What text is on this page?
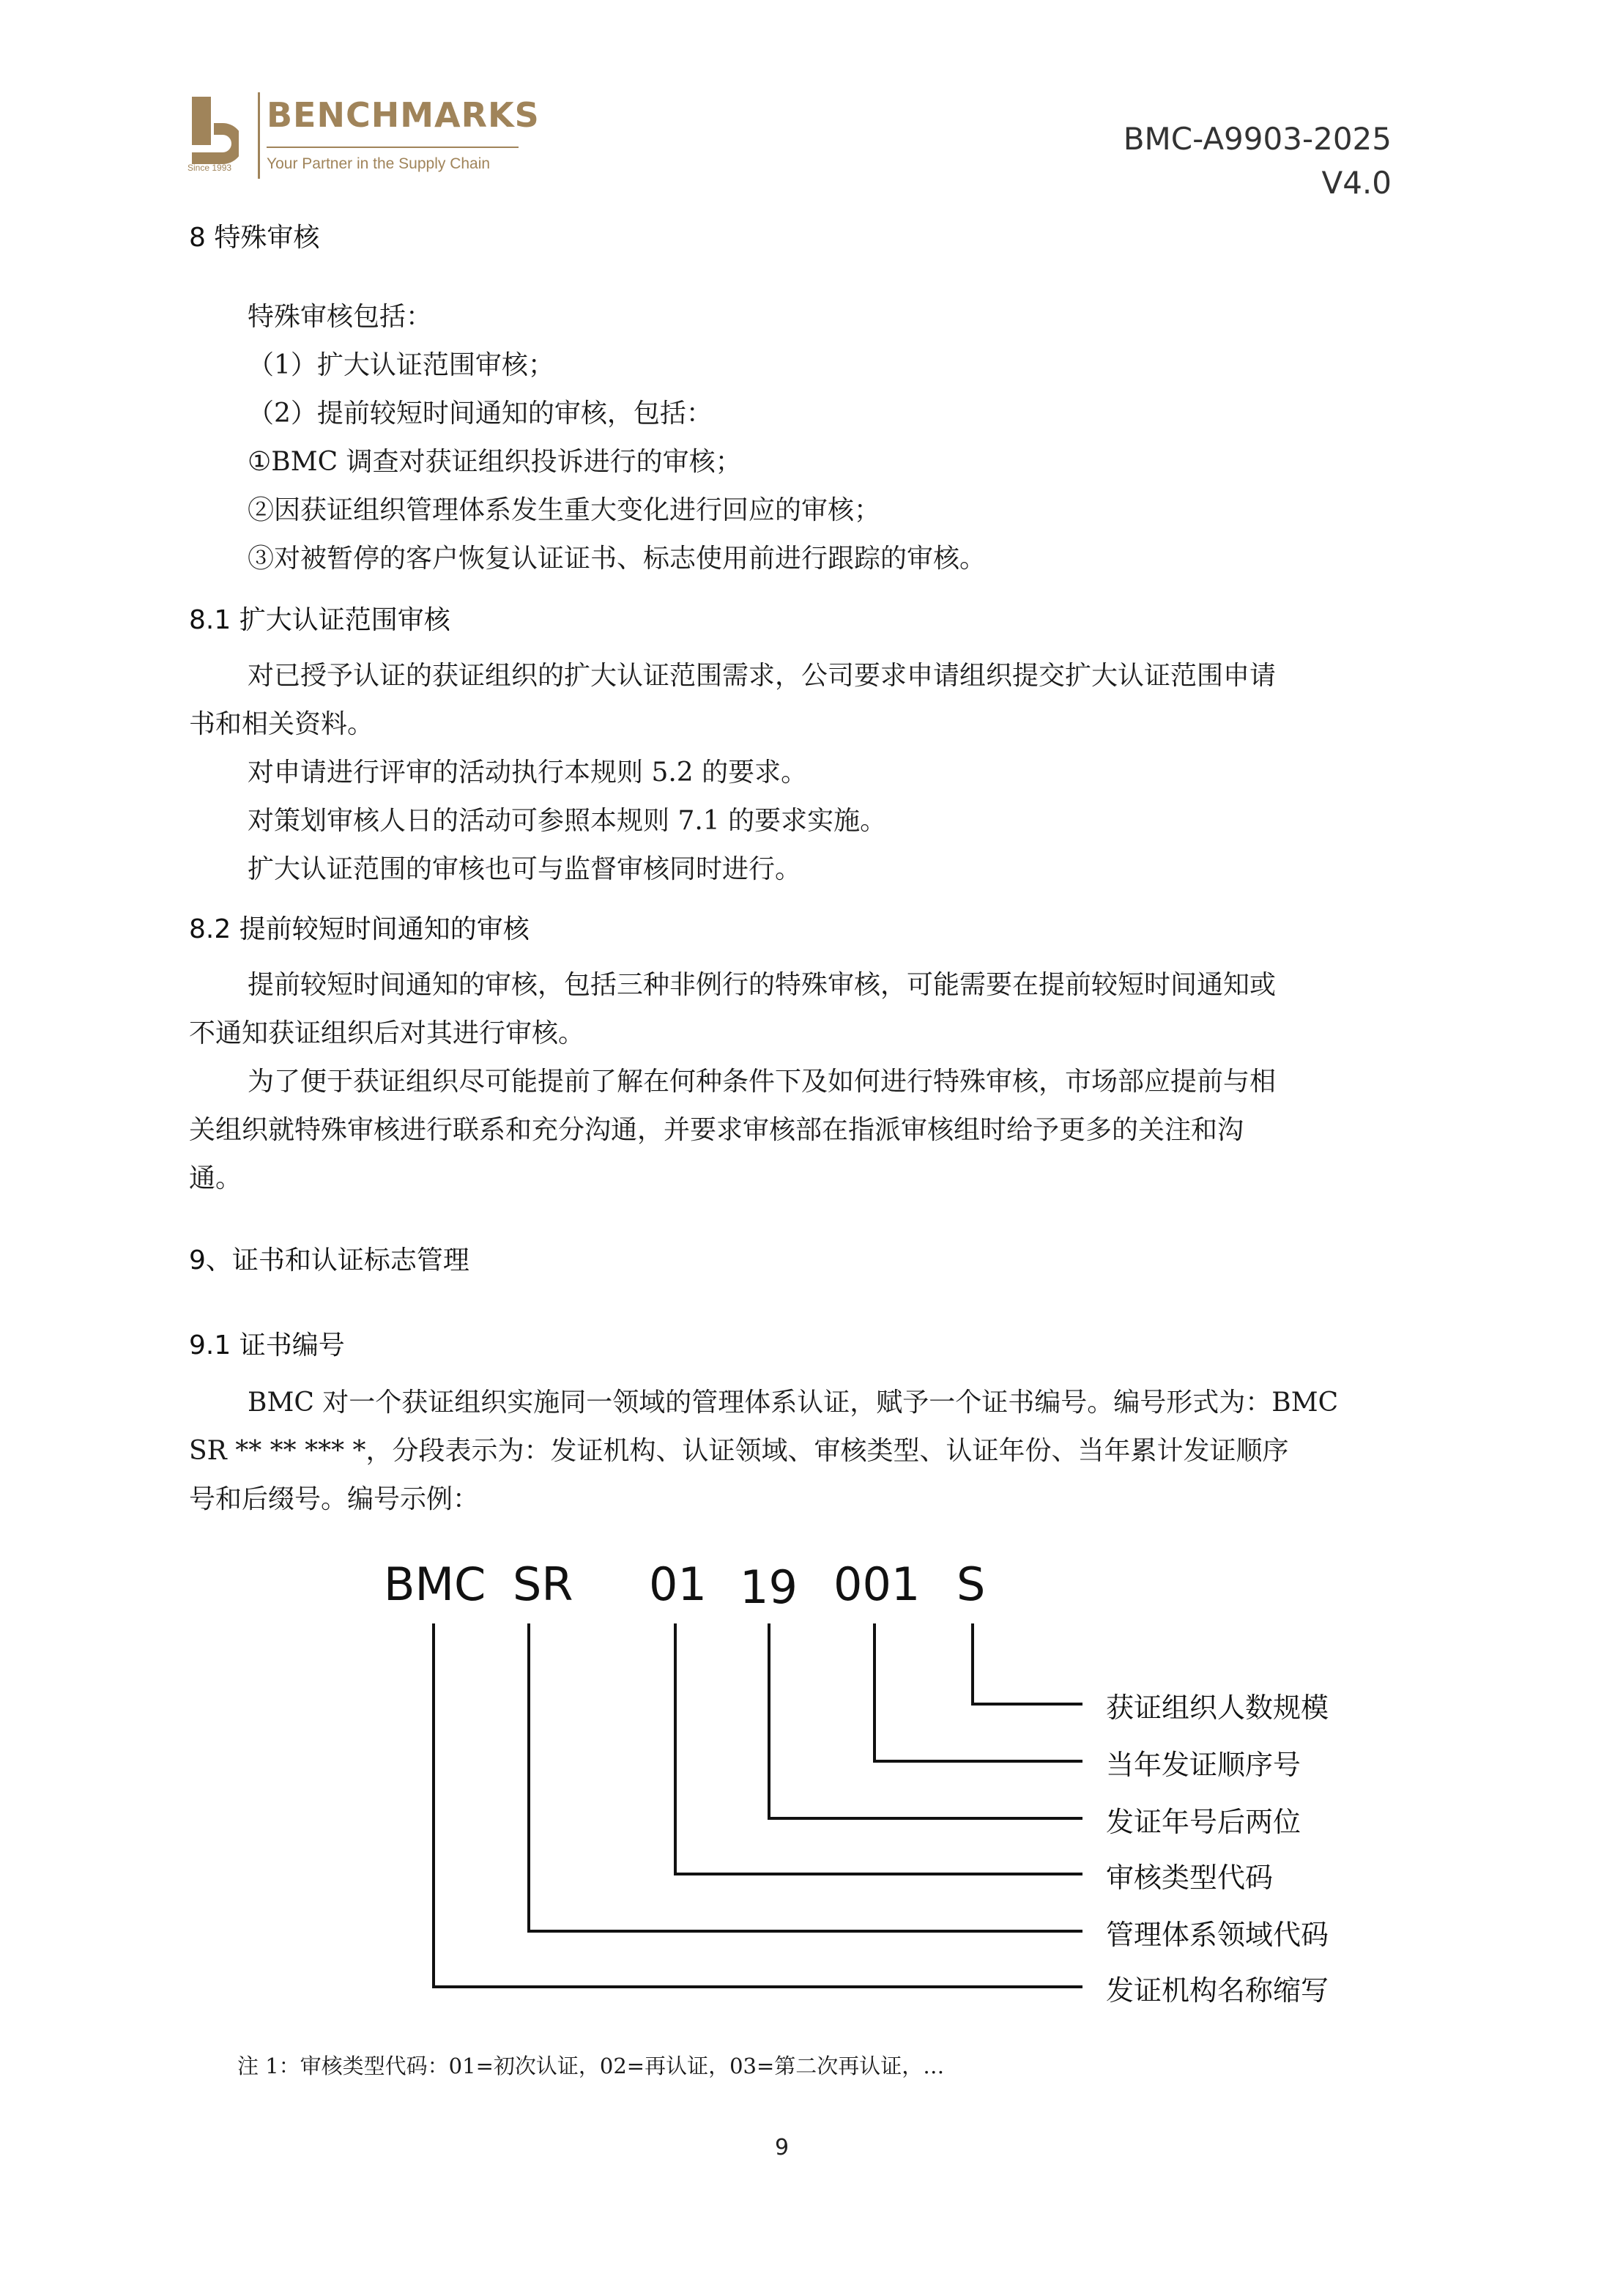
BENCHMARKS
Your Partner in the Supply Chain
Since 1993
BMC-A9903-2025
V4.0
8 特殊审核
特殊审核包括：
（1）扩大认证范围审核；
（2）提前较短时间通知的审核，包括：
①BMC 调查对获证组织投诉进行的审核；
②因获证组织管理体系发生重大变化进行回应的审核；
③对被暂停的客户恢复认证证书、标志使用前进行跟踪的审核。
8.1 扩大认证范围审核
对已授予认证的获证组织的扩大认证范围需求，公司要求申请组织提交扩大认证范围申请
书和相关资料。
对申请进行评审的活动执行本规则 5.2 的要求。
对策划审核人日的活动可参照本规则 7.1 的要求实施。
扩大认证范围的审核也可与监督审核同时进行。
8.2 提前较短时间通知的审核
提前较短时间通知的审核，包括三种非例行的特殊审核，可能需要在提前较短时间通知或
不通知获证组织后对其进行审核。
为了便于获证组织尽可能提前了解在何种条件下及如何进行特殊审核，市场部应提前与相
关组织就特殊审核进行联系和充分沟通，并要求审核部在指派审核组时给予更多的关注和沟
通。
9、证书和认证标志管理
9.1 证书编号
BMC 对一个获证组织实施同一领域的管理体系认证，赋予一个证书编号。编号形式为：BMC
SR ** ** *** *，分段表示为：发证机构、认证领域、审核类型、认证年份、当年累计发证顺序
号和后缀号。编号示例：
BMC SR 01 19 001 S
获证组织人数规模
当年发证顺序号
发证年号后两位
审核类型代码
管理体系领域代码
发证机构名称缩写
注 1：审核类型代码：01=初次认证，02=再认证，03=第二次再认证，…
9
